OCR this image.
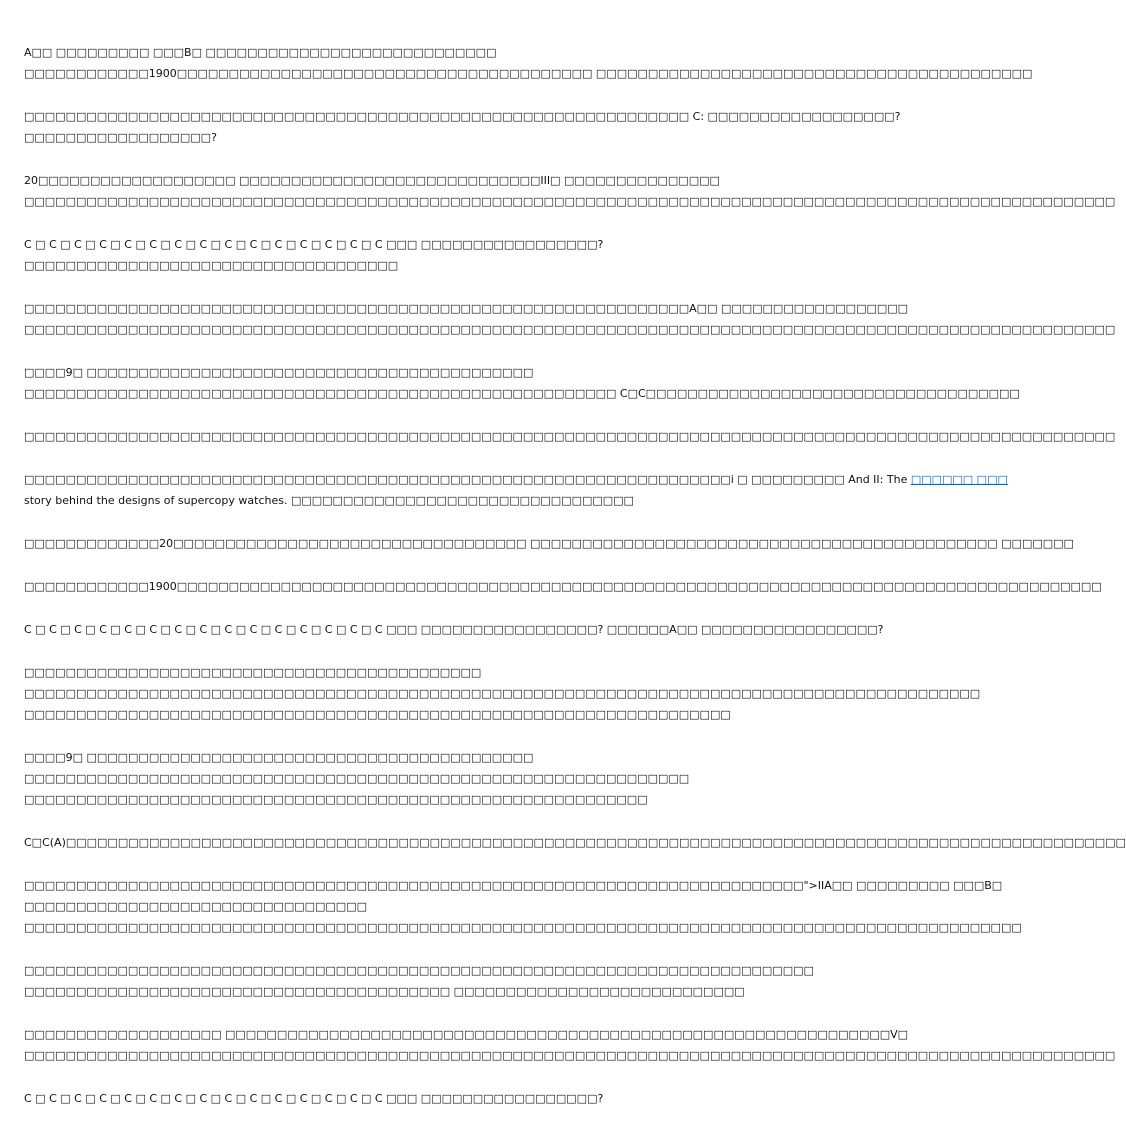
A□□ □□□□□□□□□ □□□B□ □□□□□□□□□□□□□□□□□□□□□□□□□□□□
□□□□□□□□□□□□1900□□□□□□□□□□□□□□□□□□□□□□□□□□□□□□□□□□□□□□□□ □□□□□□□□□□□□□□□□□□□□□□□□□□□□□□□□□□□□□□□□□□

□□□□□□□□□□□□□□□□□□□□□□□□□□□□□□□□□□□□□□□□□□□□□□□□□□□□□□□□□□□□□□□□ C: □□□□□□□□□□□□□□□□□□?
□□□□□□□□□□□□□□□□□□?

20□□□□□□□□□□□□□□□□□□□ □□□□□□□□□□□□□□□□□□□□□□□□□□□□□III□ □□□□□□□□□□□□□□□
□□□□□□□□□□□□□□□□□□□□□□□□□□□□□□□□□□□□□□□□□□□□□□□□□□□□□□□□□□□□□□□□□□□□□□□□□□□□□□□□□□□□□□□□□□□□□□□□□□□□□□□□□

C □ C □ C □ C □ C □ C □ C □ C □ C □ C □ C □ C □ C □ C □ C □□□ □□□□□□□□□□□□□□□□□?
□□□□□□□□□□□□□□□□□□□□□□□□□□□□□□□□□□□□

□□□□□□□□□□□□□□□□□□□□□□□□□□□□□□□□□□□□□□□□□□□□□□□□□□□□□□□□□□□□□□□□A□□ □□□□□□□□□□□□□□□□□□
□□□□□□□□□□□□□□□□□□□□□□□□□□□□□□□□□□□□□□□□□□□□□□□□□□□□□□□□□□□□□□□□□□□□□□□□□□□□□□□□□□□□□□□□□□□□□□□□□□□□□□□□□

□□□□9□ □□□□□□□□□□□□□□□□□□□□□□□□□□□□□□□□□□□□□□□□□□□
□□□□□□□□□□□□□□□□□□□□□□□□□□□□□□□□□□□□□□□□□□□□□□□□□□□□□□□□□ C□C□□□□□□□□□□□□□□□□□□□□□□□□□□□□□□□□□□□□

□□□□□□□□□□□□□□□□□□□□□□□□□□□□□□□□□□□□□□□□□□□□□□□□□□□□□□□□□□□□□□□□□□□□□□□□□□□□□□□□□□□□□□□□□□□□□□□□□□□□□□□□□

□□□□□□□□□□□□□□□□□□□□□□□□□□□□□□□□□□□□□□□□□□□□□□□□□□□□□□□□□□□□□□□□□□□□i □ □□□□□□□□□ And II: The □□□□□□ □□□
story behind the designs of supercopy watches. □□□□□□□□□□□□□□□□□□□□□□□□□□□□□□□□□

□□□□□□□□□□□□□20□□□□□□□□□□□□□□□□□□□□□□□□□□□□□□□□□□ □□□□□□□□□□□□□□□□□□□□□□□□□□□□□□□□□□□□□□□□□□□□□ □□□□□□□

□□□□□□□□□□□□1900□□□□□□□□□□□□□□□□□□□□□□□□□□□□□□□□□□□□□□□□□□□□□□□□□□□□□□□□□□□□□□□□□□□□□□□□□□□□□□□□□□□□□□□□□

C □ C □ C □ C □ C □ C □ C □ C □ C □ C □ C □ C □ C □ C □ C □□□ □□□□□□□□□□□□□□□□□? □□□□□□A□□ □□□□□□□□□□□□□□□□□?

□□□□□□□□□□□□□□□□□□□□□□□□□□□□□□□□□□□□□□□□□□□□
□□□□□□□□□□□□□□□□□□□□□□□□□□□□□□□□□□□□□□□□□□□□□□□□□□□□□□□□□□□□□□□□□□□□□□□□□□□□□□□□□□□□□□□□□□□□
□□□□□□□□□□□□□□□□□□□□□□□□□□□□□□□□□□□□□□□□□□□□□□□□□□□□□□□□□□□□□□□□□□□□

□□□□9□ □□□□□□□□□□□□□□□□□□□□□□□□□□□□□□□□□□□□□□□□□□□
□□□□□□□□□□□□□□□□□□□□□□□□□□□□□□□□□□□□□□□□□□□□□□□□□□□□□□□□□□□□□□□□
□□□□□□□□□□□□□□□□□□□□□□□□□□□□□□□□□□□□□□□□□□□□□□□□□□□□□□□□□□□□

C□C(A)□□□□□□□□□□□□□□□□□□□□□□□□□□□□□□□□□□□□□□□□□□□□□□□□□□□□□□□□□□□□□□□□□□□□□□□□□□□□□□□□□□□□□□□□□□□□□□□□□□□□□□

□□□□□□□□□□□□□□□□□□□□□□□□□□□□□□□□□□□□□□□□□□□□□□□□□□□□□□□□□□□□□□□□□□□□□□□□□□□">IIA□□ □□□□□□□□□ □□□B□
□□□□□□□□□□□□□□□□□□□□□□□□□□□□□□□□□
□□□□□□□□□□□□□□□□□□□□□□□□□□□□□□□□□□□□□□□□□□□□□□□□□□□□□□□□□□□□□□□□□□□□□□□□□□□□□□□□□□□□□□□□□□□□□□□□

□□□□□□□□□□□□□□□□□□□□□□□□□□□□□□□□□□□□□□□□□□□□□□□□□□□□□□□□□□□□□□□□□□□□□□□□□□□□
□□□□□□□□□□□□□□□□□□□□□□□□□□□□□□□□□□□□□□□□□ □□□□□□□□□□□□□□□□□□□□□□□□□□□□

□□□□□□□□□□□□□□□□□□□ □□□□□□□□□□□□□□□□□□□□□□□□□□□□□□□□□□□□□□□□□□□□□□□□□□□□□□□□□□□□□□□□V□
□□□□□□□□□□□□□□□□□□□□□□□□□□□□□□□□□□□□□□□□□□□□□□□□□□□□□□□□□□□□□□□□□□□□□□□□□□□□□□□□□□□□□□□□□□□□□□□□□□□□□□□□□

C □ C □ C □ C □ C □ C □ C □ C □ C □ C □ C □ C □ C □ C □ C □□□ □□□□□□□□□□□□□□□□□?
